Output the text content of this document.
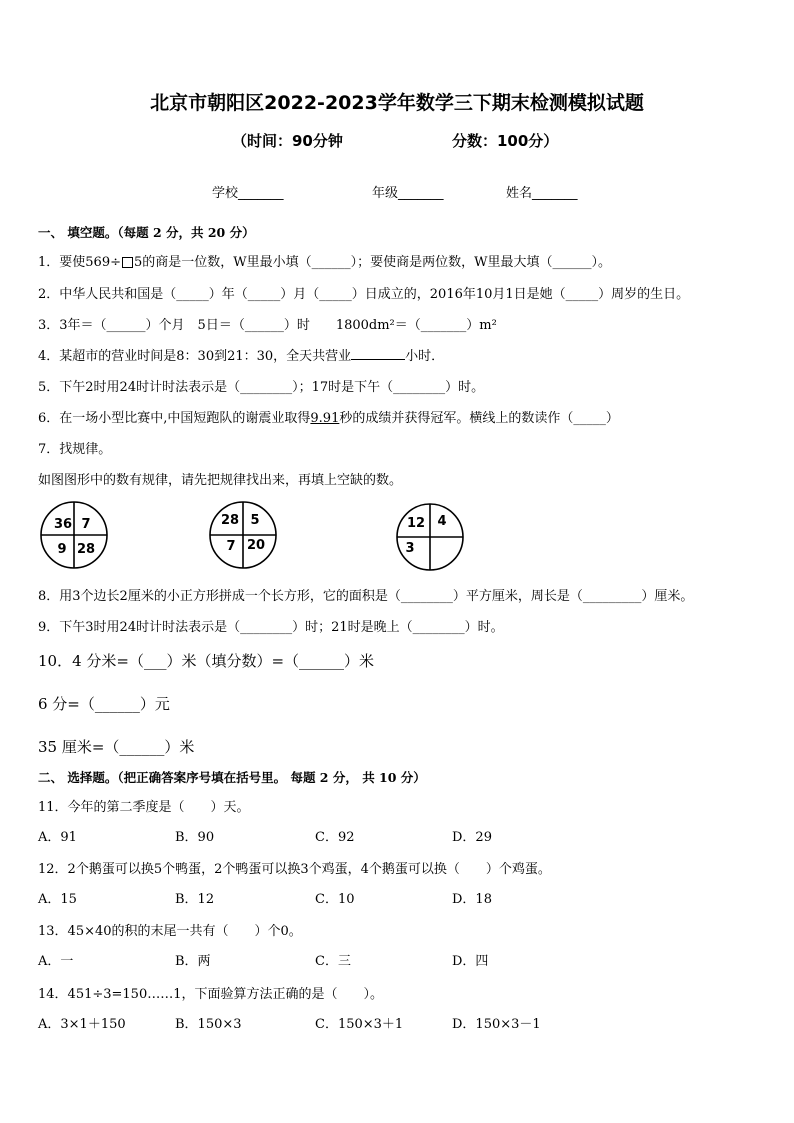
北京市朝阳区2022-2023学年数学三下期末检测模拟试题
（时间：90分钟	分数：100分）
学校_______	年级_______	姓名_______
一、 填空题。（每题 2 分，共 20 分）
1．要使569÷ 5的商是一位数，W里最小填（______）；要使商是两位数，W里最大填（______）。
2．中华人民共和国是（_____）年（_____）月（_____）日成立的，2016年10月1日是她（_____）周岁的生日。
3．3年＝（______）个月　5日＝（______）时　　1800dm²＝（_______）m²
4．某超市的营业时间是8：30到21：30，全天共营业	小时．
5．下午2时用24时计时法表示是（________）；17时是下午（________）时。
6．在一场小型比赛中,中国短跑队的谢震业取得9.91秒的成绩并获得冠军。横线上的数读作（_____）
7．找规律。
如图图形中的数有规律，请先把规律找出来，再填上空缺的数。
36 7
9 28
28 5
7 20
12 4
3
8．用3个边长2厘米的小正方形拼成一个长方形，它的面积是（________）平方厘米，周长是（_________）厘米。
9．下午3时用24时计时法表示是（________）时；21时是晚上（________）时。
10．4 分米=（___）米（填分数）=（______）米
6 分=（______）元
35 厘米=（______）米
二、 选择题。（把正确答案序号填在括号里。 每题 2 分， 共 10 分）
11．今年的第二季度是（　　）天。
A．91	B．90	C．92	D．29
12．2个鹅蛋可以换5个鸭蛋，2个鸭蛋可以换3个鸡蛋，4个鹅蛋可以换（　　）个鸡蛋。
A．15	B．12	C．10	D．18
13．45×40的积的末尾一共有（　　）个0。
A．一	B．两	C．三	D．四
14．451÷3=150……1，下面验算方法正确的是（　　）。
A．3×1＋150	B．150×3	C．150×3＋1	D．150×3－1
